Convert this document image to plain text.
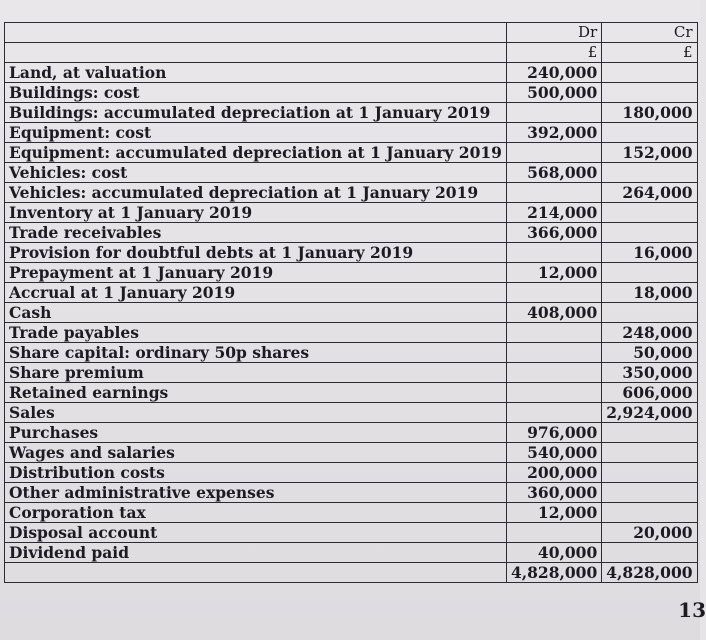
	Dr	Cr
	£	£
Land, at valuation	240,000	
Buildings: cost	500,000	
Buildings: accumulated depreciation at 1 January 2019		180,000
Equipment: cost	392,000	
Equipment: accumulated depreciation at 1 January 2019		152,000
Vehicles: cost	568,000	
Vehicles: accumulated depreciation at 1 January 2019		264,000
Inventory at 1 January 2019	214,000	
Trade receivables	366,000	
Provision for doubtful debts at 1 January 2019		16,000
Prepayment at 1 January 2019	12,000	
Accrual at 1 January 2019		18,000
Cash	408,000	
Trade payables		248,000
Share capital: ordinary 50p shares		50,000
Share premium		350,000
Retained earnings		606,000
Sales		2,924,000
Purchases	976,000	
Wages and salaries	540,000	
Distribution costs	200,000	
Other administrative expenses	360,000	
Corporation tax	12,000	
Disposal account		20,000
Dividend paid	40,000	
	4,828,000	4,828,000
13
